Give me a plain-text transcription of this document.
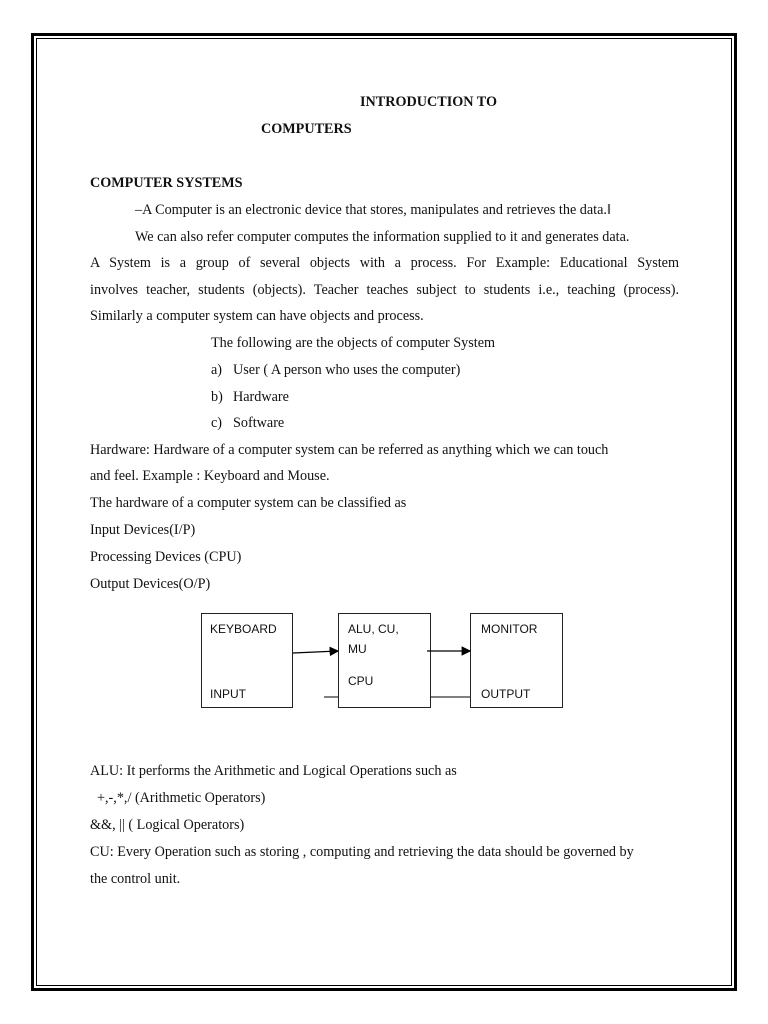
INTRODUCTION TO
COMPUTERS
COMPUTER SYSTEMS
–A Computer is an electronic device that stores, manipulates and retrieves the data.‖
We can also refer computer computes the information supplied to it and generates data.
A System is a group of several objects with a process. For Example: Educational System
involves teacher, students (objects). Teacher teaches subject to students i.e., teaching (process).
Similarly a computer system can have objects and process.
The following are the objects of computer System
a) User ( A person who uses the computer)
b) Hardware
c) Software
Hardware: Hardware of a computer system can be referred as anything which we can touch
and feel. Example : Keyboard and Mouse.
The hardware of a computer system can be classified as
Input Devices(I/P)
Processing Devices (CPU)
Output Devices(O/P)
KEYBOARD
INPUT
ALU, CU,
MU
CPU
MONITOR
OUTPUT
ALU: It performs the Arithmetic and Logical Operations such as
+,-,*,/ (Arithmetic Operators)
&&, || ( Logical Operators)
CU: Every Operation such as storing , computing and retrieving the data should be governed by
the control unit.
